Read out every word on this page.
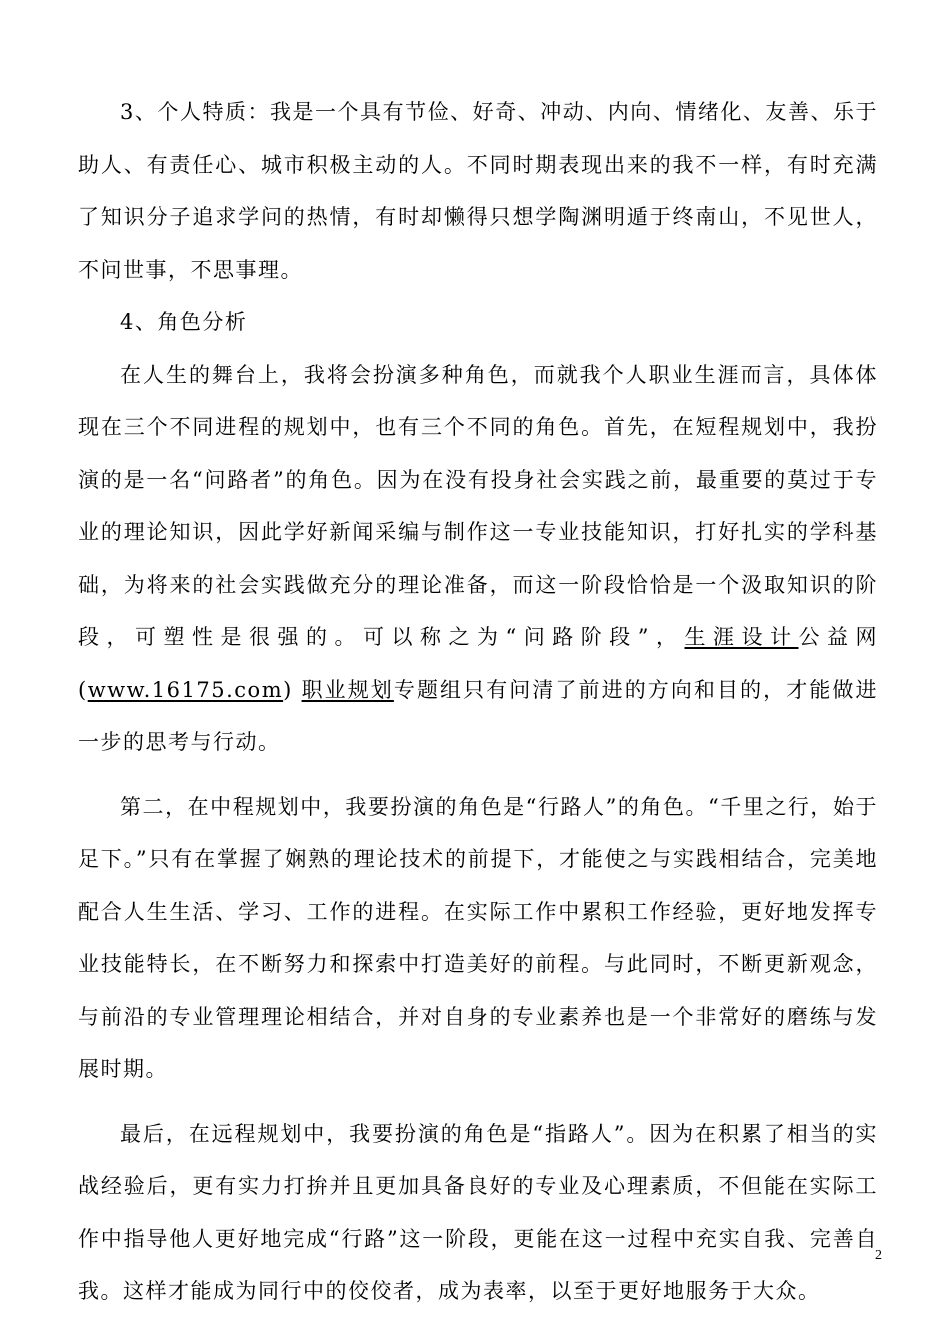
3、个人特质：我是一个具有节俭、好奇、冲动、内向、情绪化、友善、乐于助人、有责任心、城市积极主动的人。不同时期表现出来的我不一样，有时充满了知识分子追求学问的热情，有时却懒得只想学陶渊明遁于终南山，不见世人，不问世事，不思事理。

4、角色分析

在人生的舞台上，我将会扮演多种角色，而就我个人职业生涯而言，具体体现在三个不同进程的规划中，也有三个不同的角色。首先，在短程规划中，我扮演的是一名“问路者”的角色。因为在没有投身社会实践之前，最重要的莫过于专业的理论知识，因此学好新闻采编与制作这一专业技能知识，打好扎实的学科基础，为将来的社会实践做充分的理论准备，而这一阶段恰恰是一个汲取知识的阶段，可塑性是很强的。可以称之为“问路阶段”，生涯设计公益网 (www.16175.com) 职业规划专题组只有问清了前进的方向和目的，才能做进一步的思考与行动。

第二，在中程规划中，我要扮演的角色是“行路人”的角色。“千里之行，始于足下。”只有在掌握了娴熟的理论技术的前提下，才能使之与实践相结合，完美地配合人生生活、学习、工作的进程。在实际工作中累积工作经验，更好地发挥专业技能特长，在不断努力和探索中打造美好的前程。与此同时，不断更新观念，与前沿的专业管理理论相结合，并对自身的专业素养也是一个非常好的磨练与发展时期。

最后，在远程规划中，我要扮演的角色是“指路人”。因为在积累了相当的实战经验后，更有实力打拚并且更加具备良好的专业及心理素质，不但能在实际工作中指导他人更好地完成“行路”这一阶段，更能在这一过程中充实自我、完善自我。这样才能成为同行中的佼佼者，成为表率，以至于更好地服务于大众。

2
